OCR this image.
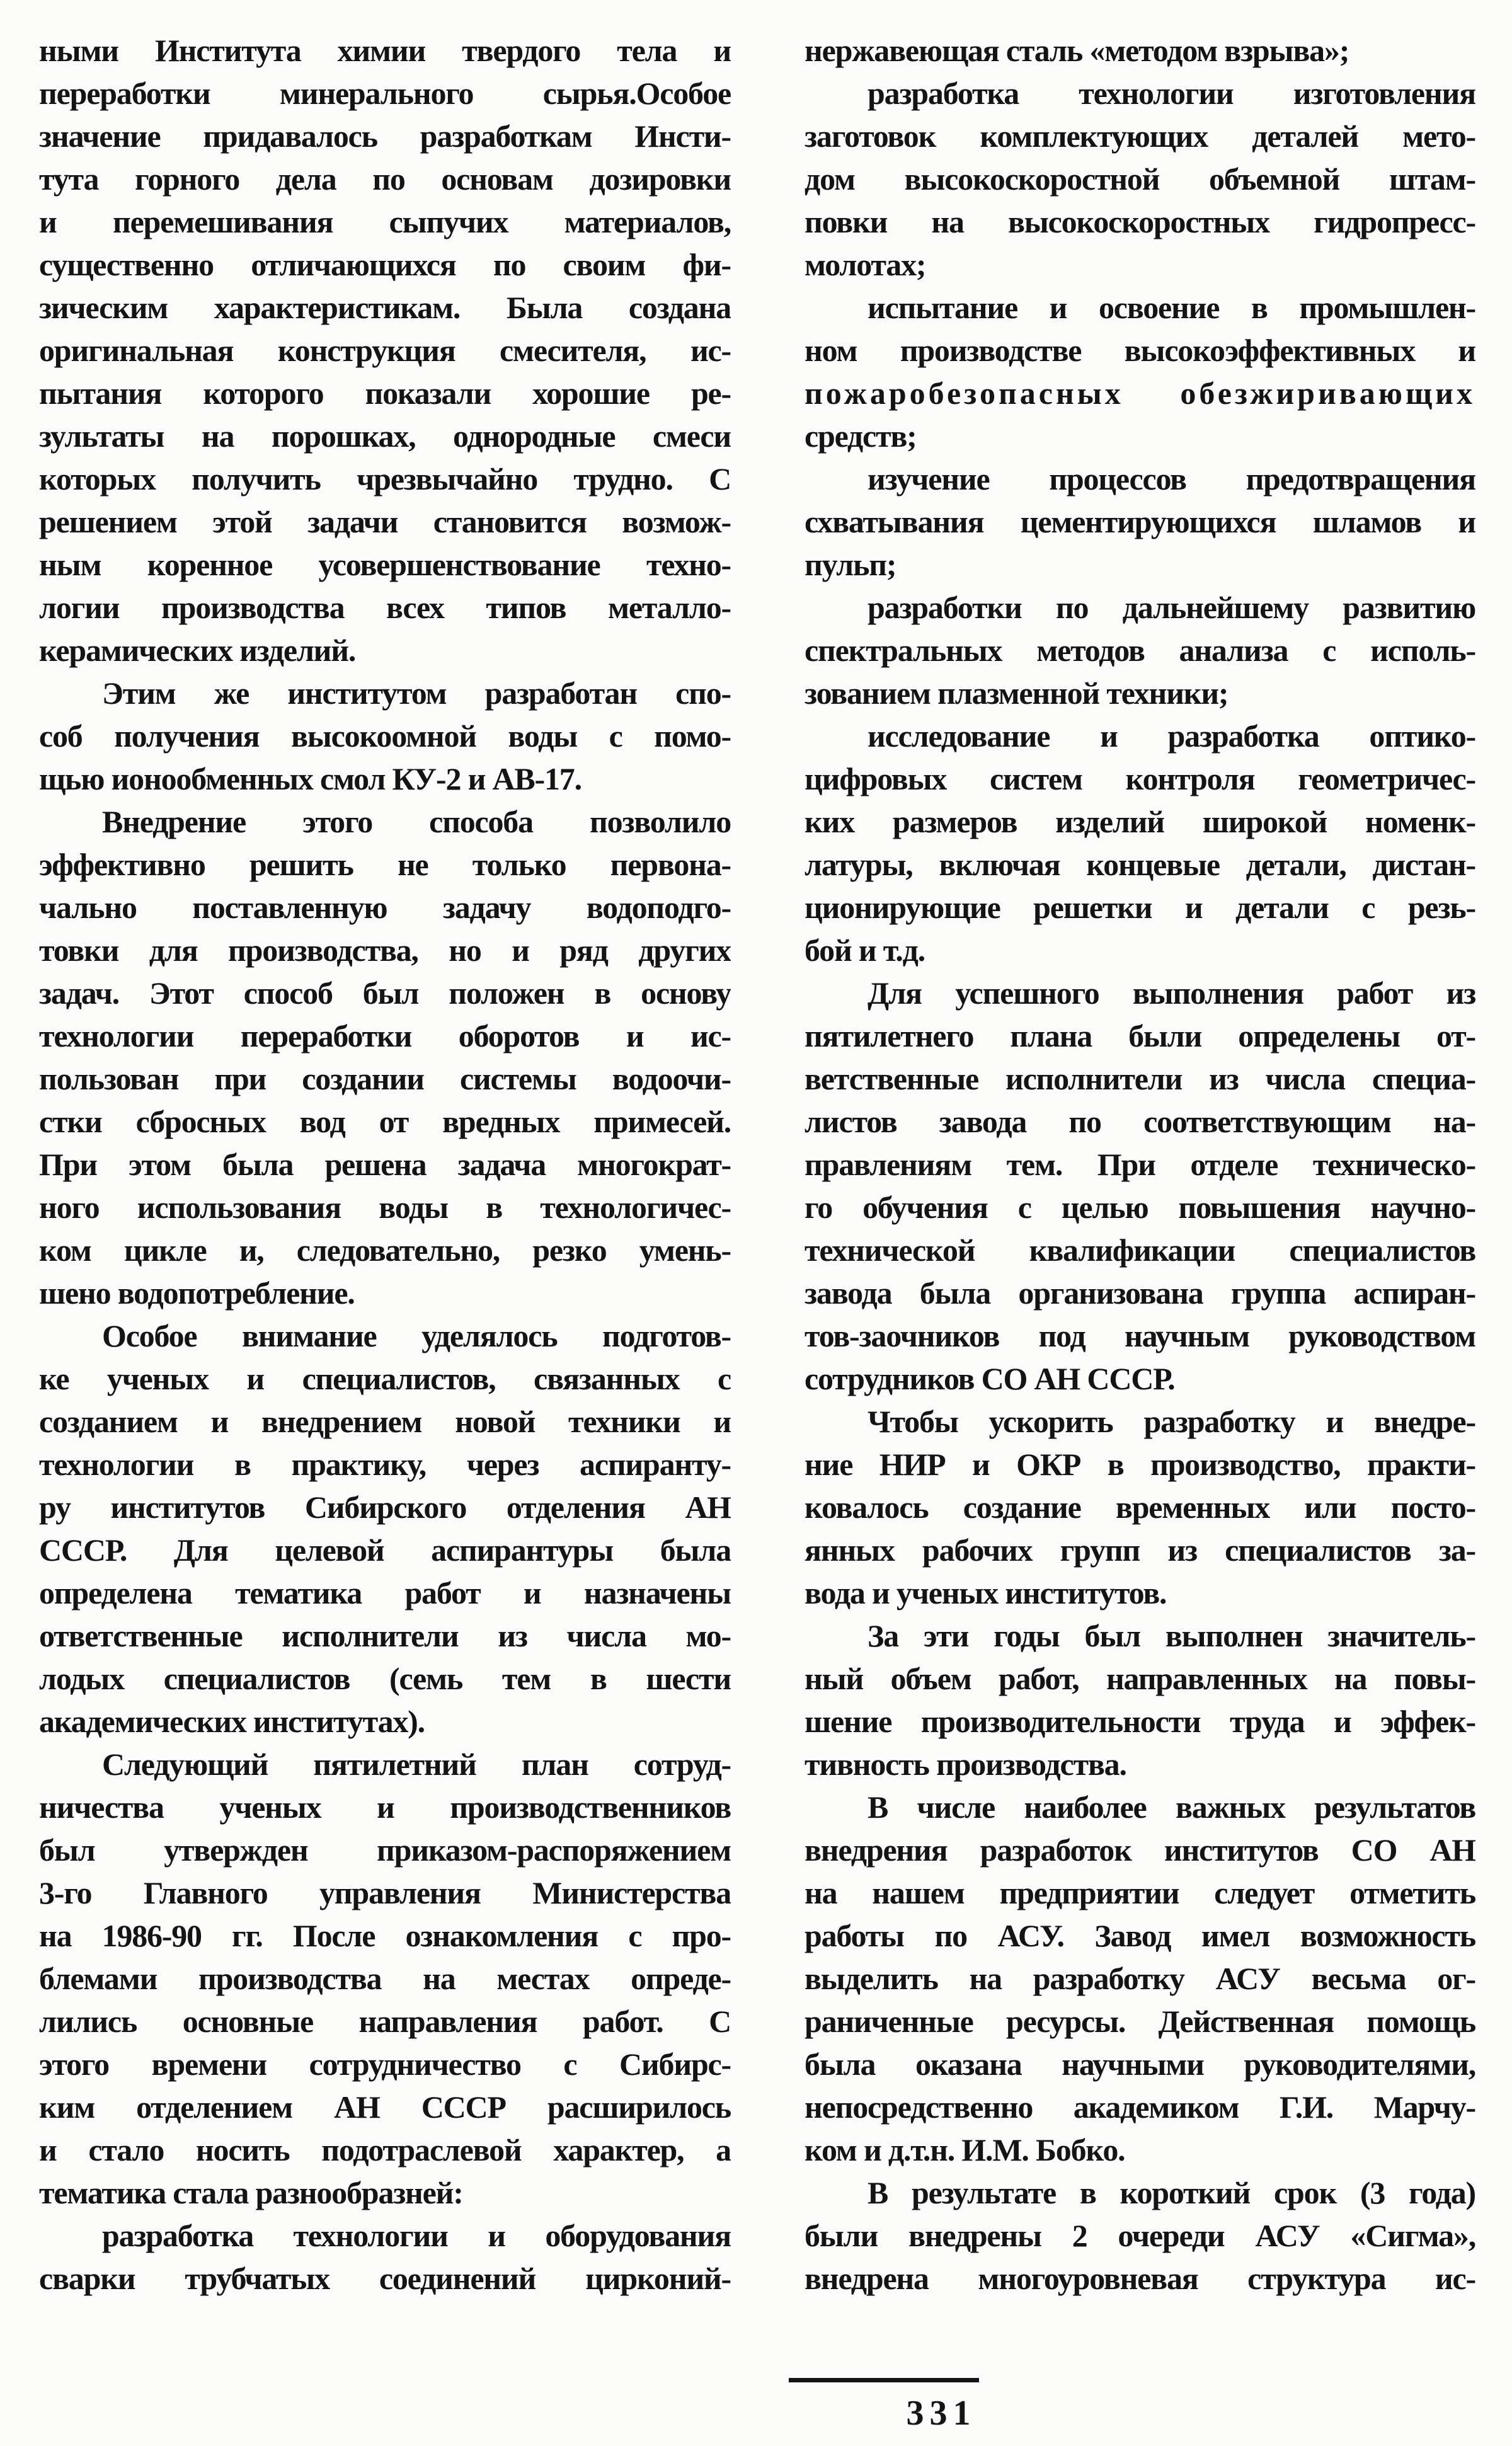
ными Института химии твердого тела и
переработки минерального сырья.Особое
значение придавалось разработкам Инсти-
тута горного дела по основам дозировки
и перемешивания сыпучих материалов,
существенно отличающихся по своим фи-
зическим характеристикам. Была создана
оригинальная конструкция смесителя, ис-
пытания которого показали хорошие ре-
зультаты на порошках, однородные смеси
которых получить чрезвычайно трудно. С
решением этой задачи становится возмож-
ным коренное усовершенствование техно-
логии производства всех типов металло-
керамических изделий.
Этим же институтом разработан спо-
соб получения высокоомной воды с помо-
щью ионообменных смол КУ-2 и АВ-17.
Внедрение этого способа позволило
эффективно решить не только первона-
чально поставленную задачу водоподго-
товки для производства, но и ряд других
задач. Этот способ был положен в основу
технологии переработки оборотов и ис-
пользован при создании системы водоочи-
стки сбросных вод от вредных примесей.
При этом была решена задача многократ-
ного использования воды в технологичес-
ком цикле и, следовательно, резко умень-
шено водопотребление.
Особое внимание уделялось подготов-
ке ученых и специалистов, связанных с
созданием и внедрением новой техники и
технологии в практику, через аспиранту-
ру институтов Сибирского отделения АН
СССР. Для целевой аспирантуры была
определена тематика работ и назначены
ответственные исполнители из числа мо-
лодых специалистов (семь тем в шести
академических институтах).
Следующий пятилетний план сотруд-
ничества ученых и производственников
был утвержден приказом-распоряжением
3-го Главного управления Министерства
на 1986-90 гг. После ознакомления с про-
блемами производства на местах опреде-
лились основные направления работ. С
этого времени сотрудничество с Сибирс-
ким отделением АН СССР расширилось
и стало носить подотраслевой характер, а
тематика стала разнообразней:
разработка технологии и оборудования
сварки трубчатых соединений цирконий-
нержавеющая сталь «методом взрыва»;
разработка технологии изготовления
заготовок комплектующих деталей мето-
дом высокоскоростной объемной штам-
повки на высокоскоростных гидропресс-
молотах;
испытание и освоение в промышлен-
ном производстве высокоэффективных и
пожаробезопасных обезжиривающих
средств;
изучение процессов предотвращения
схватывания цементирующихся шламов и
пульп;
разработки по дальнейшему развитию
спектральных методов анализа с исполь-
зованием плазменной техники;
исследование и разработка оптико-
цифровых систем контроля геометричес-
ких размеров изделий широкой номенк-
латуры, включая концевые детали, дистан-
ционирующие решетки и детали с резь-
бой и т.д.
Для успешного выполнения работ из
пятилетнего плана были определены от-
ветственные исполнители из числа специа-
листов завода по соответствующим на-
правлениям тем. При отделе техническо-
го обучения с целью повышения научно-
технической квалификации специалистов
завода была организована группа аспиран-
тов-заочников под научным руководством
сотрудников СО АН СССР.
Чтобы ускорить разработку и внедре-
ние НИР и ОКР в производство, практи-
ковалось создание временных или посто-
янных рабочих групп из специалистов за-
вода и ученых институтов.
За эти годы был выполнен значитель-
ный объем работ, направленных на повы-
шение производительности труда и эффек-
тивность производства.
В числе наиболее важных результатов
внедрения разработок институтов СО АН
на нашем предприятии следует отметить
работы по АСУ. Завод имел возможность
выделить на разработку АСУ весьма ог-
раниченные ресурсы. Действенная помощь
была оказана научными руководителями,
непосредственно академиком Г.И. Марчу-
ком и д.т.н. И.М. Бобко.
В результате в короткий срок (3 года)
были внедрены 2 очереди АСУ «Сигма»,
внедрена многоуровневая структура ис-
331
